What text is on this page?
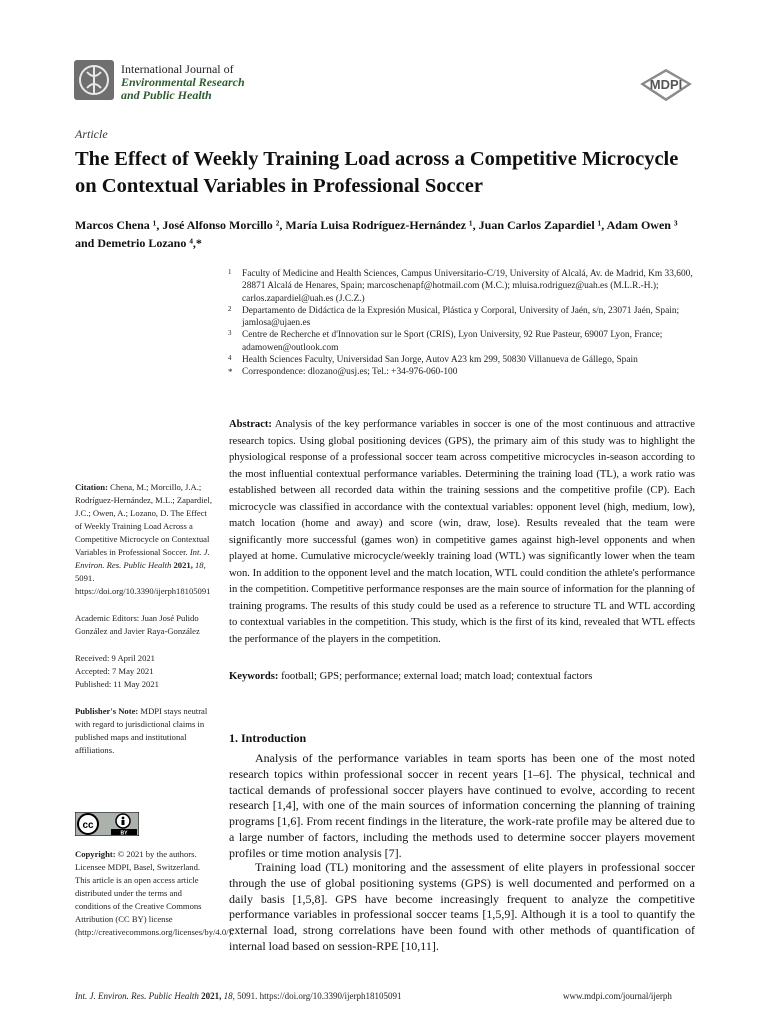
International Journal of
Environmental Research
and Public Health
MDPI
Article
The Effect of Weekly Training Load across a Competitive Microcycle on Contextual Variables in Professional Soccer

Marcos Chena ¹, José Alfonso Morcillo ², María Luisa Rodríguez-Hernández ¹, Juan Carlos Zapardiel ¹, Adam Owen ³ and Demetrio Lozano ⁴,*

1 Faculty of Medicine and Health Sciences, Campus Universitario-C/19, University of Alcalá, Av. de Madrid, Km 33,600, 28871 Alcalá de Henares, Spain; marcoschenapf@hotmail.com (M.C.); mluisa.rodriguez@uah.es (M.L.R.-H.); carlos.zapardiel@uah.es (J.C.Z.)
2 Departamento de Didáctica de la Expresión Musical, Plástica y Corporal, University of Jaén, s/n, 23071 Jaén, Spain; jamlosa@ujaen.es
3 Centre de Recherche et d'Innovation sur le Sport (CRIS), Lyon University, 92 Rue Pasteur, 69007 Lyon, France; adamowen@outlook.com
4 Health Sciences Faculty, Universidad San Jorge, Autov A23 km 299, 50830 Villanueva de Gállego, Spain
* Correspondence: dlozano@usj.es; Tel.: +34-976-060-100

Abstract: Analysis of the key performance variables in soccer is one of the most continuous and attractive research topics. Using global positioning devices (GPS), the primary aim of this study was to highlight the physiological response of a professional soccer team across competitive microcycles in-season according to the most influential contextual performance variables. Determining the training load (TL), a work ratio was established between all recorded data within the training sessions and the competitive profile (CP). Each microcycle was classified in accordance with the contextual variables: opponent level (high, medium, low), match location (home and away) and score (win, draw, lose). Results revealed that the team were significantly more successful (games won) in competitive games against high-level opponents and when played at home. Cumulative microcycle/weekly training load (WTL) was significantly lower when the team won. In addition to the opponent level and the match location, WTL could condition the athlete's performance in the competition. Competitive performance responses are the main source of information for the planning of training programs. The results of this study could be used as a reference to structure TL and WTL according to contextual variables in the competition. This study, which is the first of its kind, revealed that WTL effects the performance of the players in the competition.

Keywords: football; GPS; performance; external load; match load; contextual factors

Citation: Chena, M.; Morcillo, J.A.; Rodríguez-Hernández, M.L.; Zapardiel, J.C.; Owen, A.; Lozano, D. The Effect of Weekly Training Load Across a Competitive Microcycle on Contextual Variables in Professional Soccer. Int. J. Environ. Res. Public Health 2021, 18, 5091. https://doi.org/10.3390/ijerph18105091

Academic Editors: Juan José Pulido González and Javier Raya-González

Received: 9 April 2021

Accepted: 7 May 2021

Published: 11 May 2021

Publisher's Note: MDPI stays neutral with regard to jurisdictional claims in published maps and institutional affiliations.

cc
BY
Copyright: © 2021 by the authors. Licensee MDPI, Basel, Switzerland. This article is an open access article distributed under the terms and conditions of the Creative Commons Attribution (CC BY) license (http://creativecommons.org/licenses/by/4.0/).
1. Introduction

Analysis of the performance variables in team sports has been one of the most noted research topics within professional soccer in recent years [1–6]. The physical, technical and tactical demands of professional soccer players have continued to evolve, according to recent research [1,4], with one of the main sources of information concerning the planning of training programs [1,6]. From recent findings in the literature, the work-rate profile may be altered due to a large number of factors, including the methods used to determine soccer players movement profiles or time motion analysis [7].

Training load (TL) monitoring and the assessment of elite players in professional soccer through the use of global positioning systems (GPS) is well documented and performed on a daily basis [1,5,8]. GPS have become increasingly frequent to analyze the competitive performance variables in professional soccer teams [1,5,9]. Although it is a tool to quantify the external load, strong correlations have been found with other methods of quantification of internal load based on session-RPE [10,11].

Int. J. Environ. Res. Public Health 2021, 18, 5091. https://doi.org/10.3390/ijerph18105091	www.mdpi.com/journal/ijerph
